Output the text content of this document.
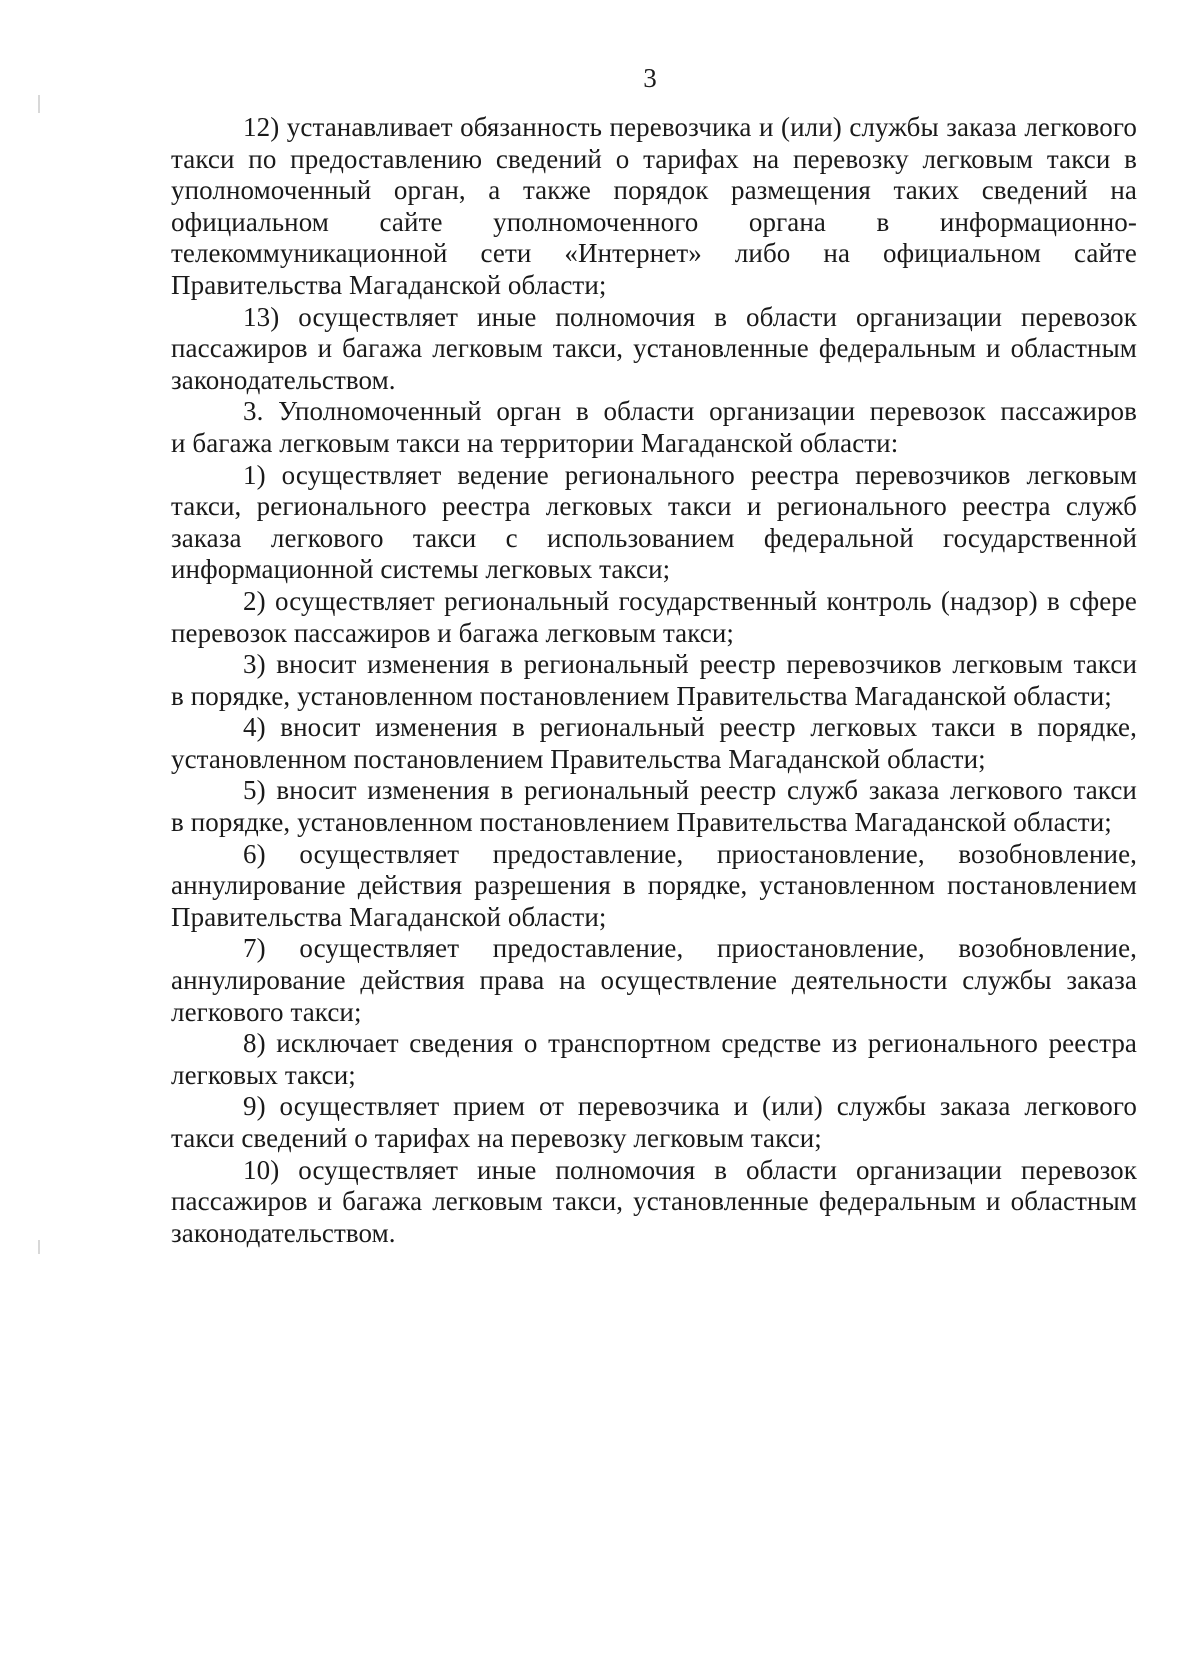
3

12) устанавливает обязанность перевозчика и (или) службы заказа легкового такси по предоставлению сведений о тарифах на перевозку легковым такси в уполномоченный орган, а также порядок размещения таких сведений на официальном сайте уполномоченного органа в информационно-телекоммуникационной сети «Интернет» либо на официальном сайте Правительства Магаданской области;

13) осуществляет иные полномочия в области организации перевозок пассажиров и багажа легковым такси, установленные федеральным и областным законодательством.

3. Уполномоченный орган в области организации перевозок пассажиров и багажа легковым такси на территории Магаданской области:

1) осуществляет ведение регионального реестра перевозчиков легковым такси, регионального реестра легковых такси и регионального реестра служб заказа легкового такси с использованием федеральной государственной информационной системы легковых такси;

2) осуществляет региональный государственный контроль (надзор) в сфере перевозок пассажиров и багажа легковым такси;

3) вносит изменения в региональный реестр перевозчиков легковым такси в порядке, установленном постановлением Правительства Магаданской области;

4) вносит изменения в региональный реестр легковых такси в порядке, установленном постановлением Правительства Магаданской области;

5) вносит изменения в региональный реестр служб заказа легкового такси в порядке, установленном постановлением Правительства Магаданской области;

6) осуществляет предоставление, приостановление, возобновление, аннулирование действия разрешения в порядке, установленном постановлением Правительства Магаданской области;

7) осуществляет предоставление, приостановление, возобновление, аннулирование действия права на осуществление деятельности службы заказа легкового такси;

8) исключает сведения о транспортном средстве из регионального реестра легковых такси;

9) осуществляет прием от перевозчика и (или) службы заказа легкового такси сведений о тарифах на перевозку легковым такси;

10) осуществляет иные полномочия в области организации перевозок пассажиров и багажа легковым такси, установленные федеральным и областным законодательством.
